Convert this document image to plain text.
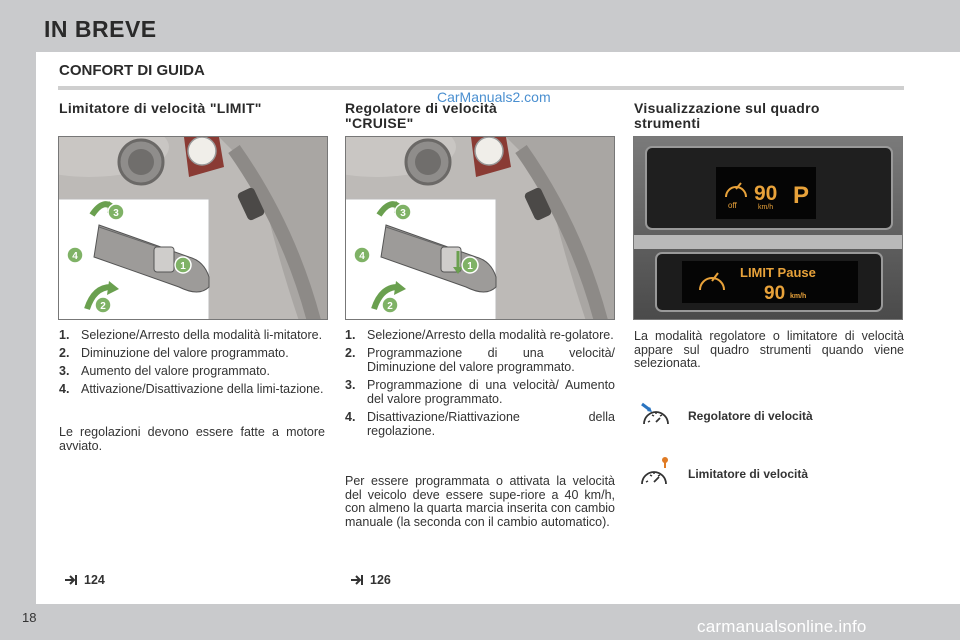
IN BREVE
CONFORT DI GUIDA
CarManuals2.com
Limitatore di velocità "LIMIT"
3
4
1
2
1. Selezione/Arresto della modalità li-mitatore.
2. Diminuzione del valore programmato.
3. Aumento del valore programmato.
4. Attivazione/Disattivazione della limi-tazione.
Le regolazioni devono essere fatte a motore avviato.
124
Regolatore di velocità
"CRUISE"
3
4
1
2
1. Selezione/Arresto della modalità re-golatore.
2. Programmazione di una velocità/ Diminuzione del valore programmato.
3. Programmazione di una velocità/ Aumento del valore programmato.
4. Disattivazione/Riattivazione della regolazione.
Per essere programmata o attivata la velocità del veicolo deve essere supe-riore a 40 km/h, con almeno la quarta marcia inserita con cambio manuale (la seconda con il cambio automatico).
126
Visualizzazione sul quadro
strumenti
off
90
km/h P
LIMIT Pause
90 km/h
La modalità regolatore o limitatore di velocità appare sul quadro strumenti quando viene selezionata.
Regolatore di velocità
Limitatore di velocità
18	carmanualsonline.info
